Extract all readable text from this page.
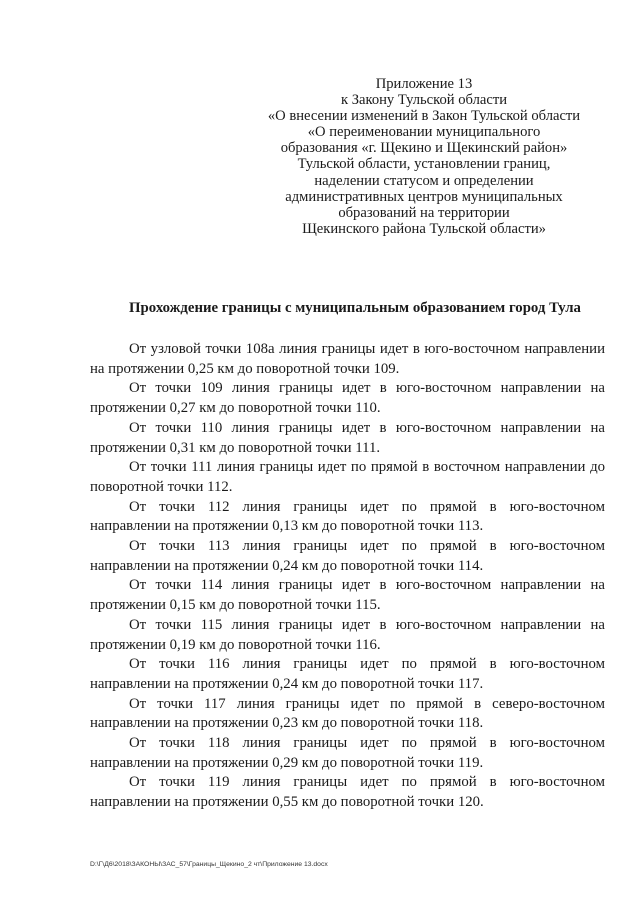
Приложение 13
к Закону Тульской области
«О внесении изменений в Закон Тульской области
«О переименовании муниципального
образования «г. Щекино и Щекинский район»
Тульской области, установлении границ,
наделении статусом и определении
административных центров муниципальных
образований на территории
Щекинского района Тульской области»
Прохождение границы с муниципальным образованием город Тула

От узловой точки 108а линия границы идет в юго-восточном направлении на протяжении 0,25 км до поворотной точки 109.

От точки 109 линия границы идет в юго-восточном направлении на протяжении 0,27 км до поворотной точки 110.

От точки 110 линия границы идет в юго-восточном направлении на протяжении 0,31 км до поворотной точки 111.

От точки 111 линия границы идет по прямой в восточном направлении до поворотной точки 112.

От точки 112 линия границы идет по прямой в юго-восточном направлении на протяжении 0,13 км до поворотной точки 113.

От точки 113 линия границы идет по прямой в юго-восточном направлении на протяжении 0,24 км до поворотной точки 114.

От точки 114 линия границы идет в юго-восточном направлении на протяжении 0,15 км до поворотной точки 115.

От точки 115 линия границы идет в юго-восточном направлении на протяжении 0,19 км до поворотной точки 116.

От точки 116 линия границы идет по прямой в юго-восточном направлении на протяжении 0,24 км до поворотной точки 117.

От точки 117 линия границы идет по прямой в северо-восточном направлении на протяжении 0,23 км до поворотной точки 118.

От точки 118 линия границы идет по прямой в юго-восточном направлении на протяжении 0,29 км до поворотной точки 119.

От точки 119 линия границы идет по прямой в юго-восточном направлении на протяжении 0,55 км до поворотной точки 120.

D:\Г\Д6\2018\ЗАКОНЫ\ЗАС_57\Границы_Щекино_2 чт\Приложение 13.docx
